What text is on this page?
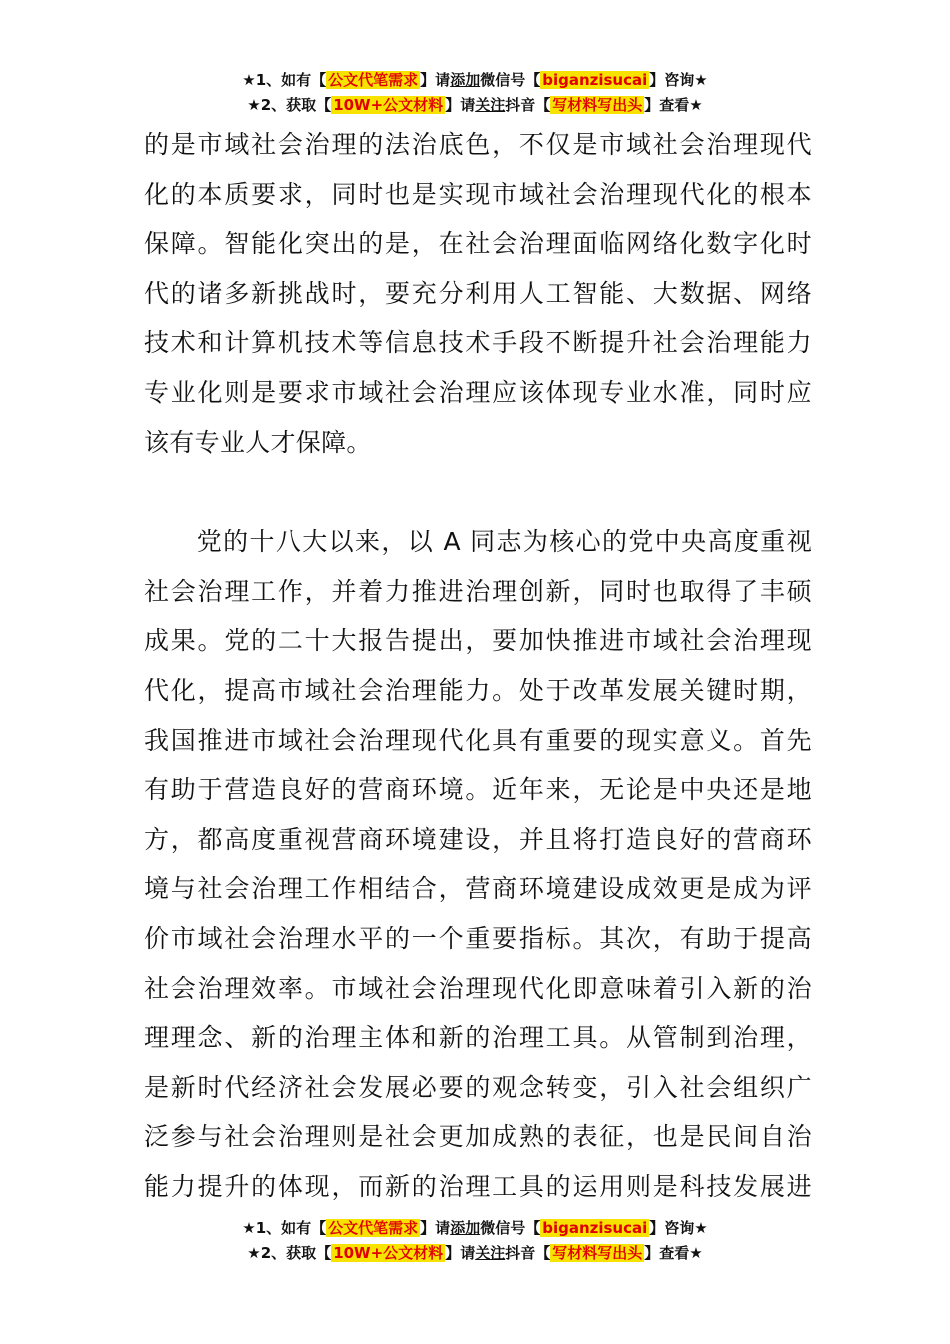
★1、如有【 公文代笔需求 】请添加微信号【 biganzisucai 】咨询★
★2、获取【 10W+公文材料 】请关注抖音【 写材料写出头 】查看★
的是市域社会治理的法治底色，不仅是市域社会治理现代
化的本质要求，同时也是实现市域社会治理现代化的根本
保障。智能化突出的是，在社会治理面临网络化数字化时
代的诸多新挑战时，要充分利用人工智能、大数据、网络
技术和计算机技术等信息技术手段不断提升社会治理能力
专业化则是要求市域社会治理应该体现专业水准，同时应
该有专业人才保障。
　　党的十八大以来，以 A 同志为核心的党中央高度重视
社会治理工作，并着力推进治理创新，同时也取得了丰硕
成果。党的二十大报告提出，要加快推进市域社会治理现
代化，提高市域社会治理能力。处于改革发展关键时期，
我国推进市域社会治理现代化具有重要的现实意义。首先
有助于营造良好的营商环境。近年来，无论是中央还是地
方，都高度重视营商环境建设，并且将打造良好的营商环
境与社会治理工作相结合，营商环境建设成效更是成为评
价市域社会治理水平的一个重要指标。其次，有助于提高
社会治理效率。市域社会治理现代化即意味着引入新的治
理理念、新的治理主体和新的治理工具。从管制到治理，
是新时代经济社会发展必要的观念转变，引入社会组织广
泛参与社会治理则是社会更加成熟的表征，也是民间自治
能力提升的体现，而新的治理工具的运用则是科技发展进
★1、如有【 公文代笔需求 】请添加微信号【 biganzisucai 】咨询★
★2、获取【 10W+公文材料 】请关注抖音【 写材料写出头 】查看★
